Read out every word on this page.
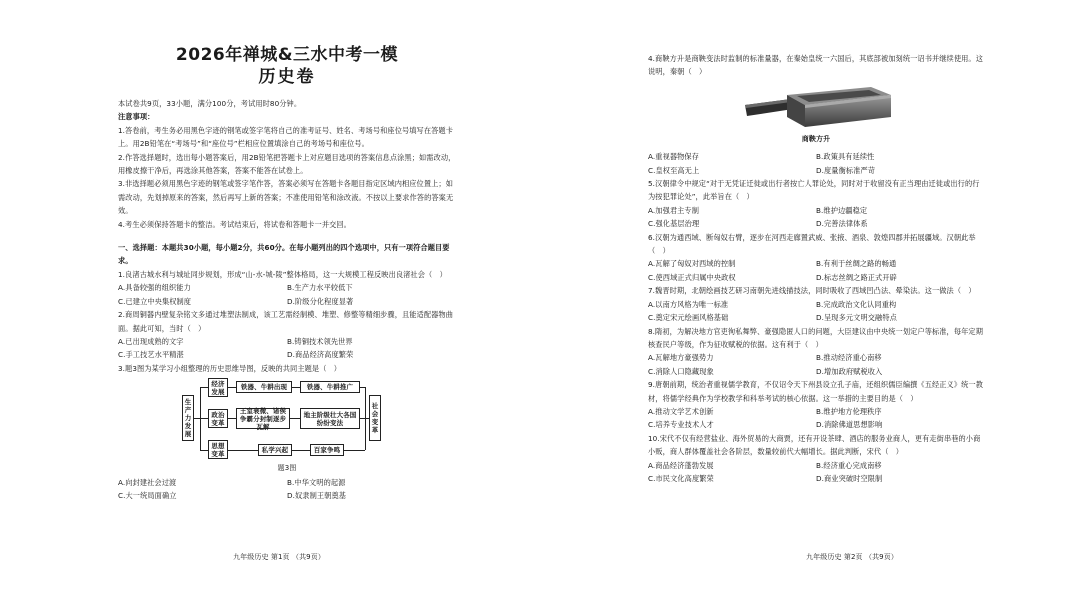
2026年禅城&三水中考一模
历史卷

本试卷共9页，33小题，满分100分，考试用时80分钟。

注意事项：

1.答卷前，考生务必用黑色字迹的钢笔或签字笔将自己的准考证号、姓名、考场号和座位号填写在答题卡上。用2B铅笔在“考场号”和“座位号”栏相应位置填涂自己的考场号和座位号。

2.作答选择题时，选出每小题答案后，用2B铅笔把答题卡上对应题目选项的答案信息点涂黑；如需改动，用橡皮擦干净后，再选涂其他答案，答案不能答在试卷上。

3.非选择题必须用黑色字迹的钢笔或签字笔作答，答案必须写在答题卡各题目指定区域内相应位置上；如需改动，先划掉原来的答案，然后再写上新的答案；不准使用铅笔和涂改液。不按以上要求作答的答案无效。

4.考生必须保持答题卡的整洁。考试结束后，将试卷和答题卡一并交回。

一、选择题：本题共30小题，每小题2分，共60分。在每小题列出的四个选项中，只有一项符合题目要求。

1.良渚古城水利与城址同步规划，形成“山-水-城-陵”整体格局，这一大规模工程反映出良渚社会（　）

A.具备较强的组织能力	B.生产力水平较低下
C.已建立中央集权制度	D.阶级分化程度显著

2.商周铜器内壁复杂铭文多通过堆塑法制成，该工艺需经制模、堆塑、修整等精细步骤，且能适配器物曲面。据此可知，当时（　）

A.已出现成熟的文字	B.铸铜技术领先世界
C.手工技艺水平精湛	D.商品经济高度繁荣

3.题3图为某学习小组整理的历史思维导图，反映的共同主题是（　）

生产力发展
社会变革
经济发展
铁器、牛耕出现	铁器、牛耕推广
政治变革
王室衰微、诸侯争霸分封制逐步瓦解
地主阶级壮大各国纷纷变法
思想变革	私学兴起	百家争鸣

题3图

A.向封建社会过渡	B.中华文明的起源
C.大一统局面确立	D.奴隶制王朝奠基
九年级历史 第1页 （共9页）

4.商鞅方升是商鞅变法时监制的标准量器，在秦始皇统一六国后，其底部被加刻统一诏书并继续使用。这说明，秦朝（　）

商鞅方升

A.重视器物保存	B.政策具有延续性
C.皇权至高无上	D.度量衡标准严苛

5.汉朝律令中规定“对于无凭证迁徙或出行者按亡人罪论处，同时对于收留没有正当理由迁徙或出行的行为按犯罪论处”，此举旨在（　）

A.加强君主专制	B.维护边疆稳定
C.强化基层治理	D.完善法律体系

6.汉朝为通西域、断匈奴右臂，逐步在河西走廊置武威、张掖、酒泉、敦煌四郡并拓展疆域。汉朝此举（　）

A.瓦解了匈奴对西域的控制	B.有利于丝绸之路的畅通
C.使西域正式归属中央政权	D.标志丝绸之路正式开辟

7.魏晋时期，北朝绘画技艺研习南朝先进线描技法，同时吸收了西域凹凸法、晕染法。这一做法（　）

A.以南方风格为唯一标准	B.完成政治文化认同重构
C.奠定宋元绘画风格基础	D.呈现多元文明交融特点

8.隋初，为解决地方官吏徇私舞弊、豪强隐匿人口的问题，大臣建议由中央统一划定户等标准，每年定期核查民户等级，作为征收赋税的依据。这有利于（　）

A.瓦解地方豪强势力	B.推动经济重心南移
C.消除人口隐藏现象	D.增加政府赋税收入

9.唐朝前期，统治者重视儒学教育，不仅诏令天下州县设立孔子庙，还组织儒臣编撰《五经正义》统一教材，将儒学经典作为学校教学和科举考试的核心依据。这一举措的主要目的是（　）

A.推动文学艺术创新	B.维护地方伦理秩序
C.培养专业技术人才	D.消除佛道思想影响

10.宋代不仅有经营盐业、海外贸易的大商贾，还有开设茶肆、酒店的服务业商人，更有走街串巷的小商小贩，商人群体覆盖社会各阶层，数量较前代大幅增长。据此判断，宋代（　）

A.商品经济蓬勃发展	B.经济重心完成南移
C.市民文化高度繁荣	D.商业突破时空限制
九年级历史 第2页 （共9页）
